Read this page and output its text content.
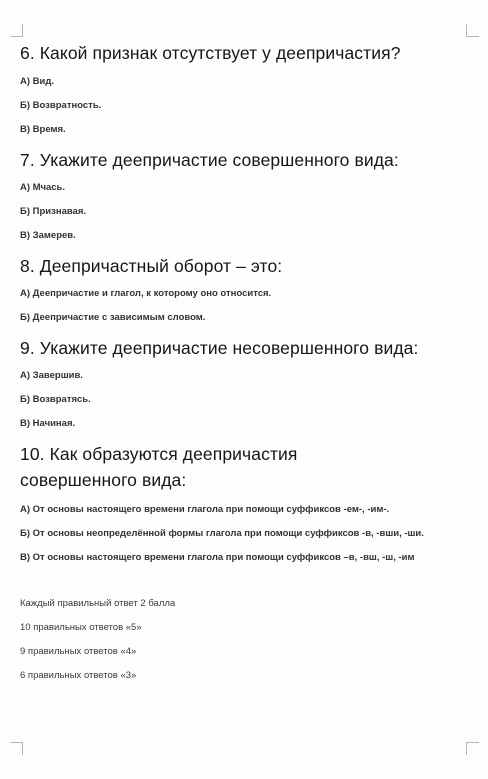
6. Какой признак отсутствует у деепричастия?

А) Вид.

Б) Возвратность.

В) Время.

7. Укажите деепричастие совершенного вида:

А) Мчась.

Б) Признавая.

В) Замерев.

8. Деепричастный оборот – это:

А) Деепричастие и глагол, к которому оно относится.

Б) Деепричастие с зависимым словом.

9. Укажите деепричастие несовершенного вида:

А) Завершив.

Б) Возвратясь.

В) Начиная.

10. Как образуются деепричастия

совершенного вида:

А) От основы настоящего времени глагола при помощи суффиксов -ем-, -им-.

Б) От основы неопределённой формы глагола при помощи суффиксов -в, -вши, -ши.

В) От основы настоящего времени глагола при помощи суффиксов –в, -вш, -ш, -им

Каждый правильный ответ 2 балла

10 правильных ответов «5»

9 правильных ответов «4»

6 правильных ответов «3»
